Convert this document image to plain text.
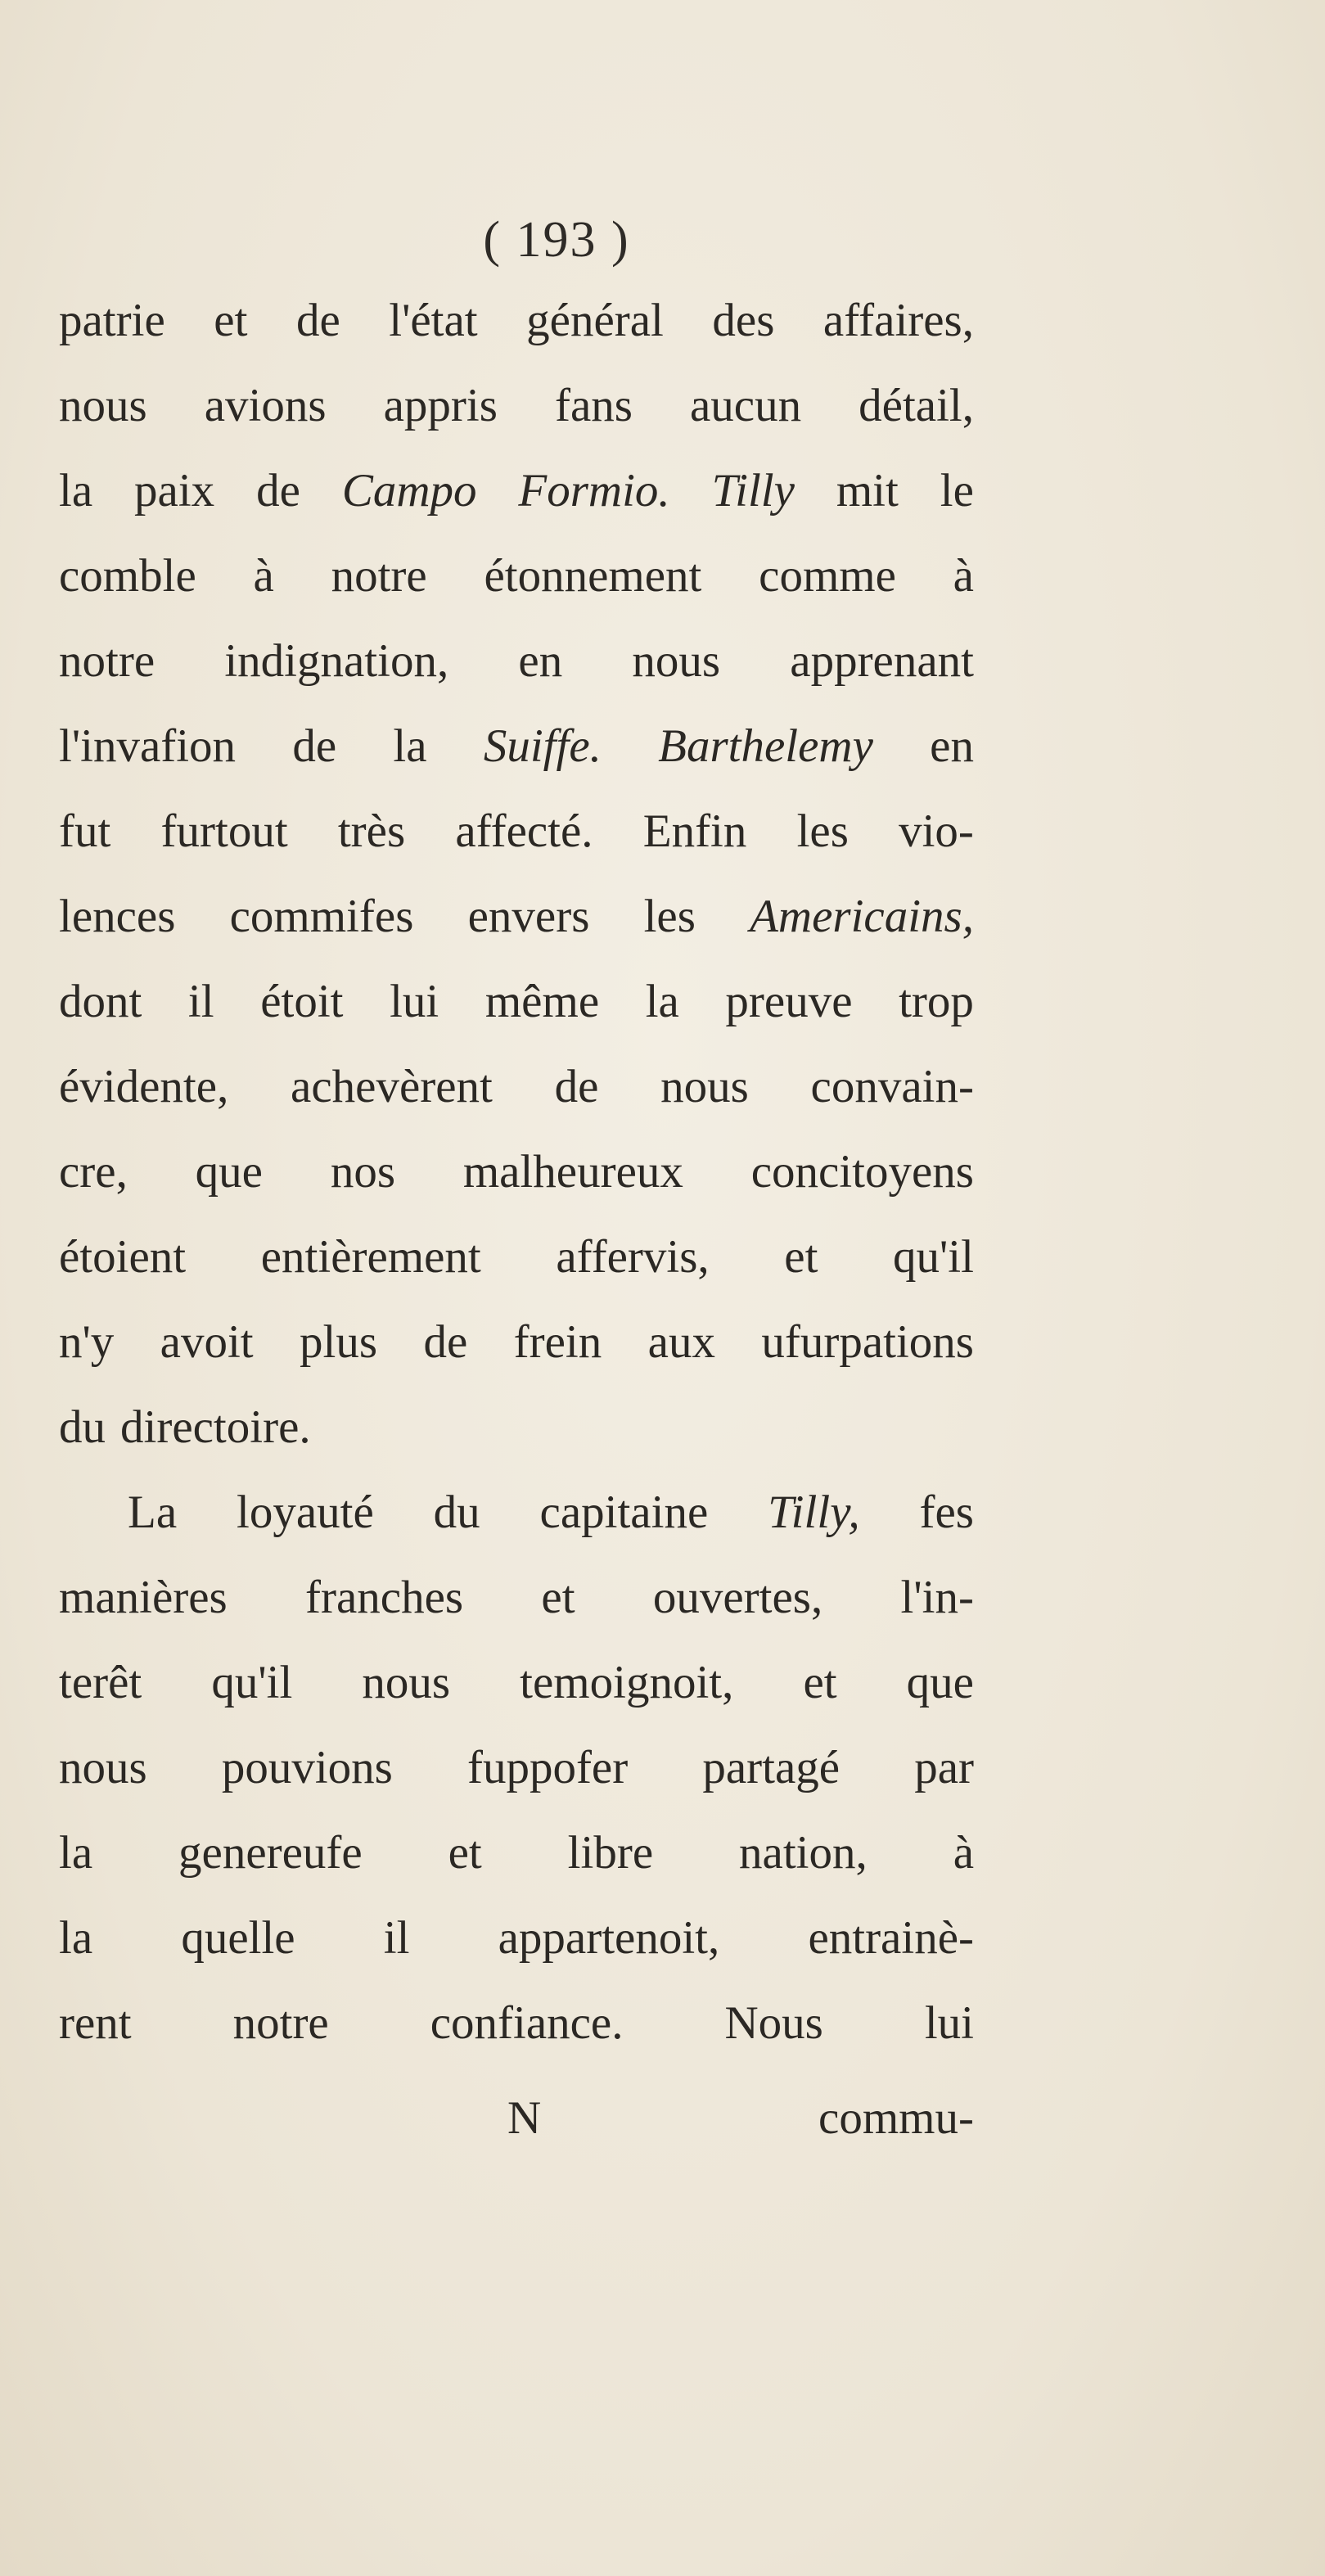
( 193 )
patrie et de l'état général des affaires,
nous avions appris fans aucun détail,
la paix de Campo Formio. Tilly mit le
comble à notre étonnement comme à
notre indignation, en nous apprenant
l'invafion de la Suiffe. Barthelemy en
fut furtout très affecté. Enfin les vio-
lences commifes envers les Americains,
dont il étoit lui même la preuve trop
évidente, achevèrent de nous convain-
cre, que nos malheureux concitoyens
étoient entièrement affervis, et qu'il
n'y avoit plus de frein aux ufurpations
du directoire.
La loyauté du capitaine Tilly, fes
manières franches et ouvertes, l'in-
terêt qu'il nous temoignoit, et que
nous pouvions fuppofer partagé par
la genereufe et libre nation, à
la quelle il appartenoit, entrainè-
rent notre confiance. Nous lui
N	commu-
